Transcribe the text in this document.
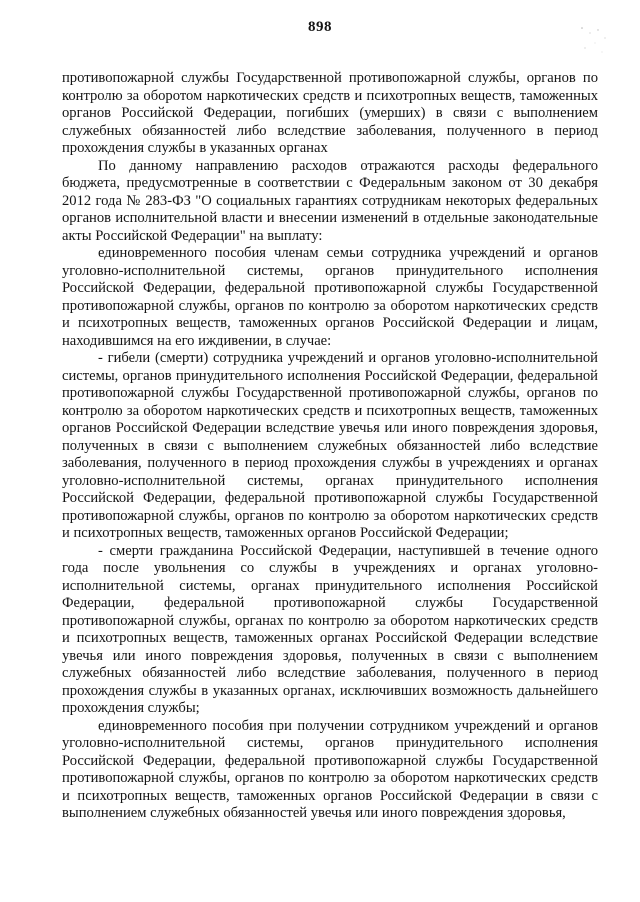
898

противопожарной службы Государственной противопожарной службы, органов по контролю за оборотом наркотических средств и психотропных веществ, таможенных органов Российской Федерации, погибших (умерших) в связи с выполнением служебных обязанностей либо вследствие заболевания, полученного в период прохождения службы в указанных органах

По данному направлению расходов отражаются расходы федерального бюджета, предусмотренные в соответствии с Федеральным законом от 30 декабря 2012 года № 283-ФЗ "О социальных гарантиях сотрудникам некоторых федеральных органов исполнительной власти и внесении изменений в отдельные законодательные акты Российской Федерации" на выплату:

единовременного пособия членам семьи сотрудника учреждений и органов уголовно-исполнительной системы, органов принудительного исполнения Российской Федерации, федеральной противопожарной службы Государственной противопожарной службы, органов по контролю за оборотом наркотических средств и психотропных веществ, таможенных органов Российской Федерации и лицам, находившимся на его иждивении, в случае:

- гибели (смерти) сотрудника учреждений и органов уголовно-исполнительной системы, органов принудительного исполнения Российской Федерации, федеральной противопожарной службы Государственной противопожарной службы, органов по контролю за оборотом наркотических средств и психотропных веществ, таможенных органов Российской Федерации вследствие увечья или иного повреждения здоровья, полученных в связи с выполнением служебных обязанностей либо вследствие заболевания, полученного в период прохождения службы в учреждениях и органах уголовно-исполнительной системы, органах принудительного исполнения Российской Федерации, федеральной противопожарной службы Государственной противопожарной службы, органов по контролю за оборотом наркотических средств и психотропных веществ, таможенных органов Российской Федерации;

- смерти гражданина Российской Федерации, наступившей в течение одного года после увольнения со службы в учреждениях и органах уголовно-исполнительной системы, органах принудительного исполнения Российской Федерации, федеральной противопожарной службы Государственной противопожарной службы, органах по контролю за оборотом наркотических средств и психотропных веществ, таможенных органах Российской Федерации вследствие увечья или иного повреждения здоровья, полученных в связи с выполнением служебных обязанностей либо вследствие заболевания, полученного в период прохождения службы в указанных органах, исключивших возможность дальнейшего прохождения службы;

единовременного пособия при получении сотрудником учреждений и органов уголовно-исполнительной системы, органов принудительного исполнения Российской Федерации, федеральной противопожарной службы Государственной противопожарной службы, органов по контролю за оборотом наркотических средств и психотропных веществ, таможенных органов Российской Федерации в связи с выполнением служебных обязанностей увечья или иного повреждения здоровья,
